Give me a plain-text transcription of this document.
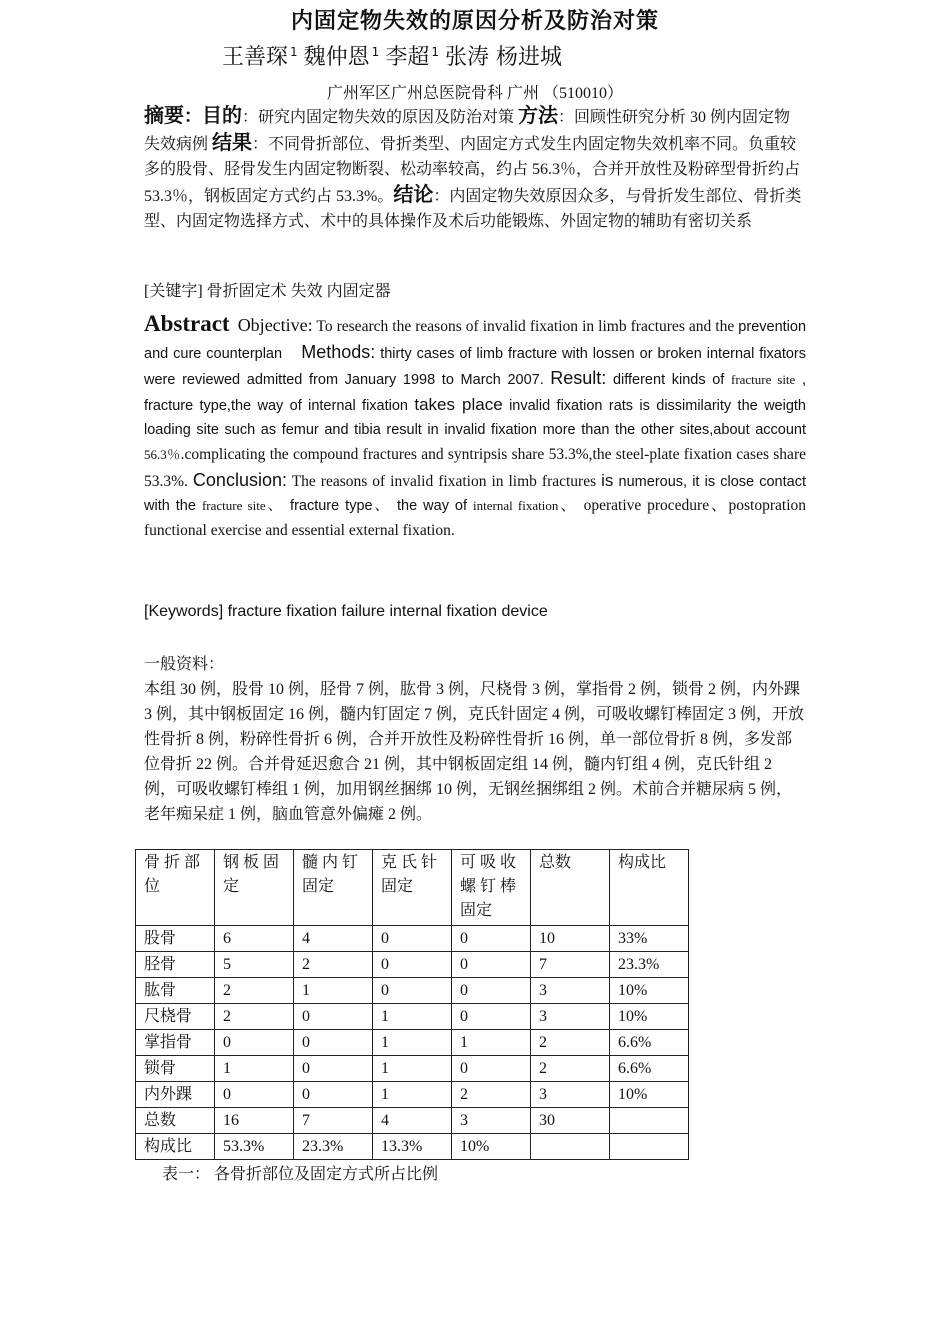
内固定物失效的原因分析及防治对策
王善琛 $^1$ 魏仲恩 $^1$ 李超 $^1$ 张涛 杨进城
广州军区广州总医院骨科 广州 （510010）
摘要：目的：研究内固定物失效的原因及防治对策 方法：回顾性研究分析 30 例内固定物失效病例 结果：不同骨折部位、骨折类型、内固定方式发生内固定物失效机率不同。负重较多的股骨、胫骨发生内固定物断裂、松动率较高，约占 56.3％，合并开放性及粉碎型骨折约占 53.3％，钢板固定方式约占 53.3%。结论：内固定物失效原因众多，与骨折发生部位、骨折类型、内固定物选择方式、术中的具体操作及术后功能锻炼、外固定物的辅助有密切关系
[关键字] 骨折固定术 失效 内固定器
Abstract Objective: To research the reasons of invalid fixation in limb fractures and the prevention and cure counterplan Methods: thirty cases of limb fracture with lossen or broken internal fixators were reviewed admitted from January 1998 to March 2007. Result: different kinds of fracture site , fracture type,the way of internal fixation takes place invalid fixation rats is dissimilarity the weigth loading site such as femur and tibia result in invalid fixation more than the other sites,about account 56.3％.complicating the compound fractures and syntripsis share 53.3%,the steel-plate fixation cases share 53.3%. Conclusion: The reasons of invalid fixation in limb fractures is numerous, it is close contact with the fracture site、 fracture type、 the way of internal fixation、 operative procedure、postopration functional exercise and essential external fixation.
[Keywords] fracture fixation failure internal fixation device
一般资料：
本组 30 例，股骨 10 例，胫骨 7 例，肱骨 3 例，尺桡骨 3 例，掌指骨 2 例，锁骨 2 例，内外踝 3 例，其中钢板固定 16 例，髓内钉固定 7 例，克氏针固定 4 例，可吸收螺钉棒固定 3 例，开放性骨折 8 例，粉碎性骨折 6 例，合并开放性及粉碎性骨折 16 例，单一部位骨折 8 例，多发部位骨折 22 例。合并骨延迟愈合 21 例，其中钢板固定组 14 例，髓内钉组 4 例，克氏针组 2 例，可吸收螺钉棒组 1 例，加用钢丝捆绑 10 例，无钢丝捆绑组 2 例。术前合并糖尿病 5 例，老年痴呆症 1 例，脑血管意外偏瘫 2 例。
骨 折 部位	钢 板 固定	髓 内 钉固定	克 氏 针固定	可 吸 收螺 钉 棒固定	总数	构成比
股骨	6	4	0	0	10	33%
胫骨	5	2	0	0	7	23.3%
肱骨	2	1	0	0	3	10%
尺桡骨	2	0	1	0	3	10%
掌指骨	0	0	1	1	2	6.6%
锁骨	1	0	1	0	2	6.6%
内外踝	0	0	1	2	3	10%
总数	16	7	4	3	30	
构成比	53.3%	23.3%	13.3%	10%		
表一： 各骨折部位及固定方式所占比例
